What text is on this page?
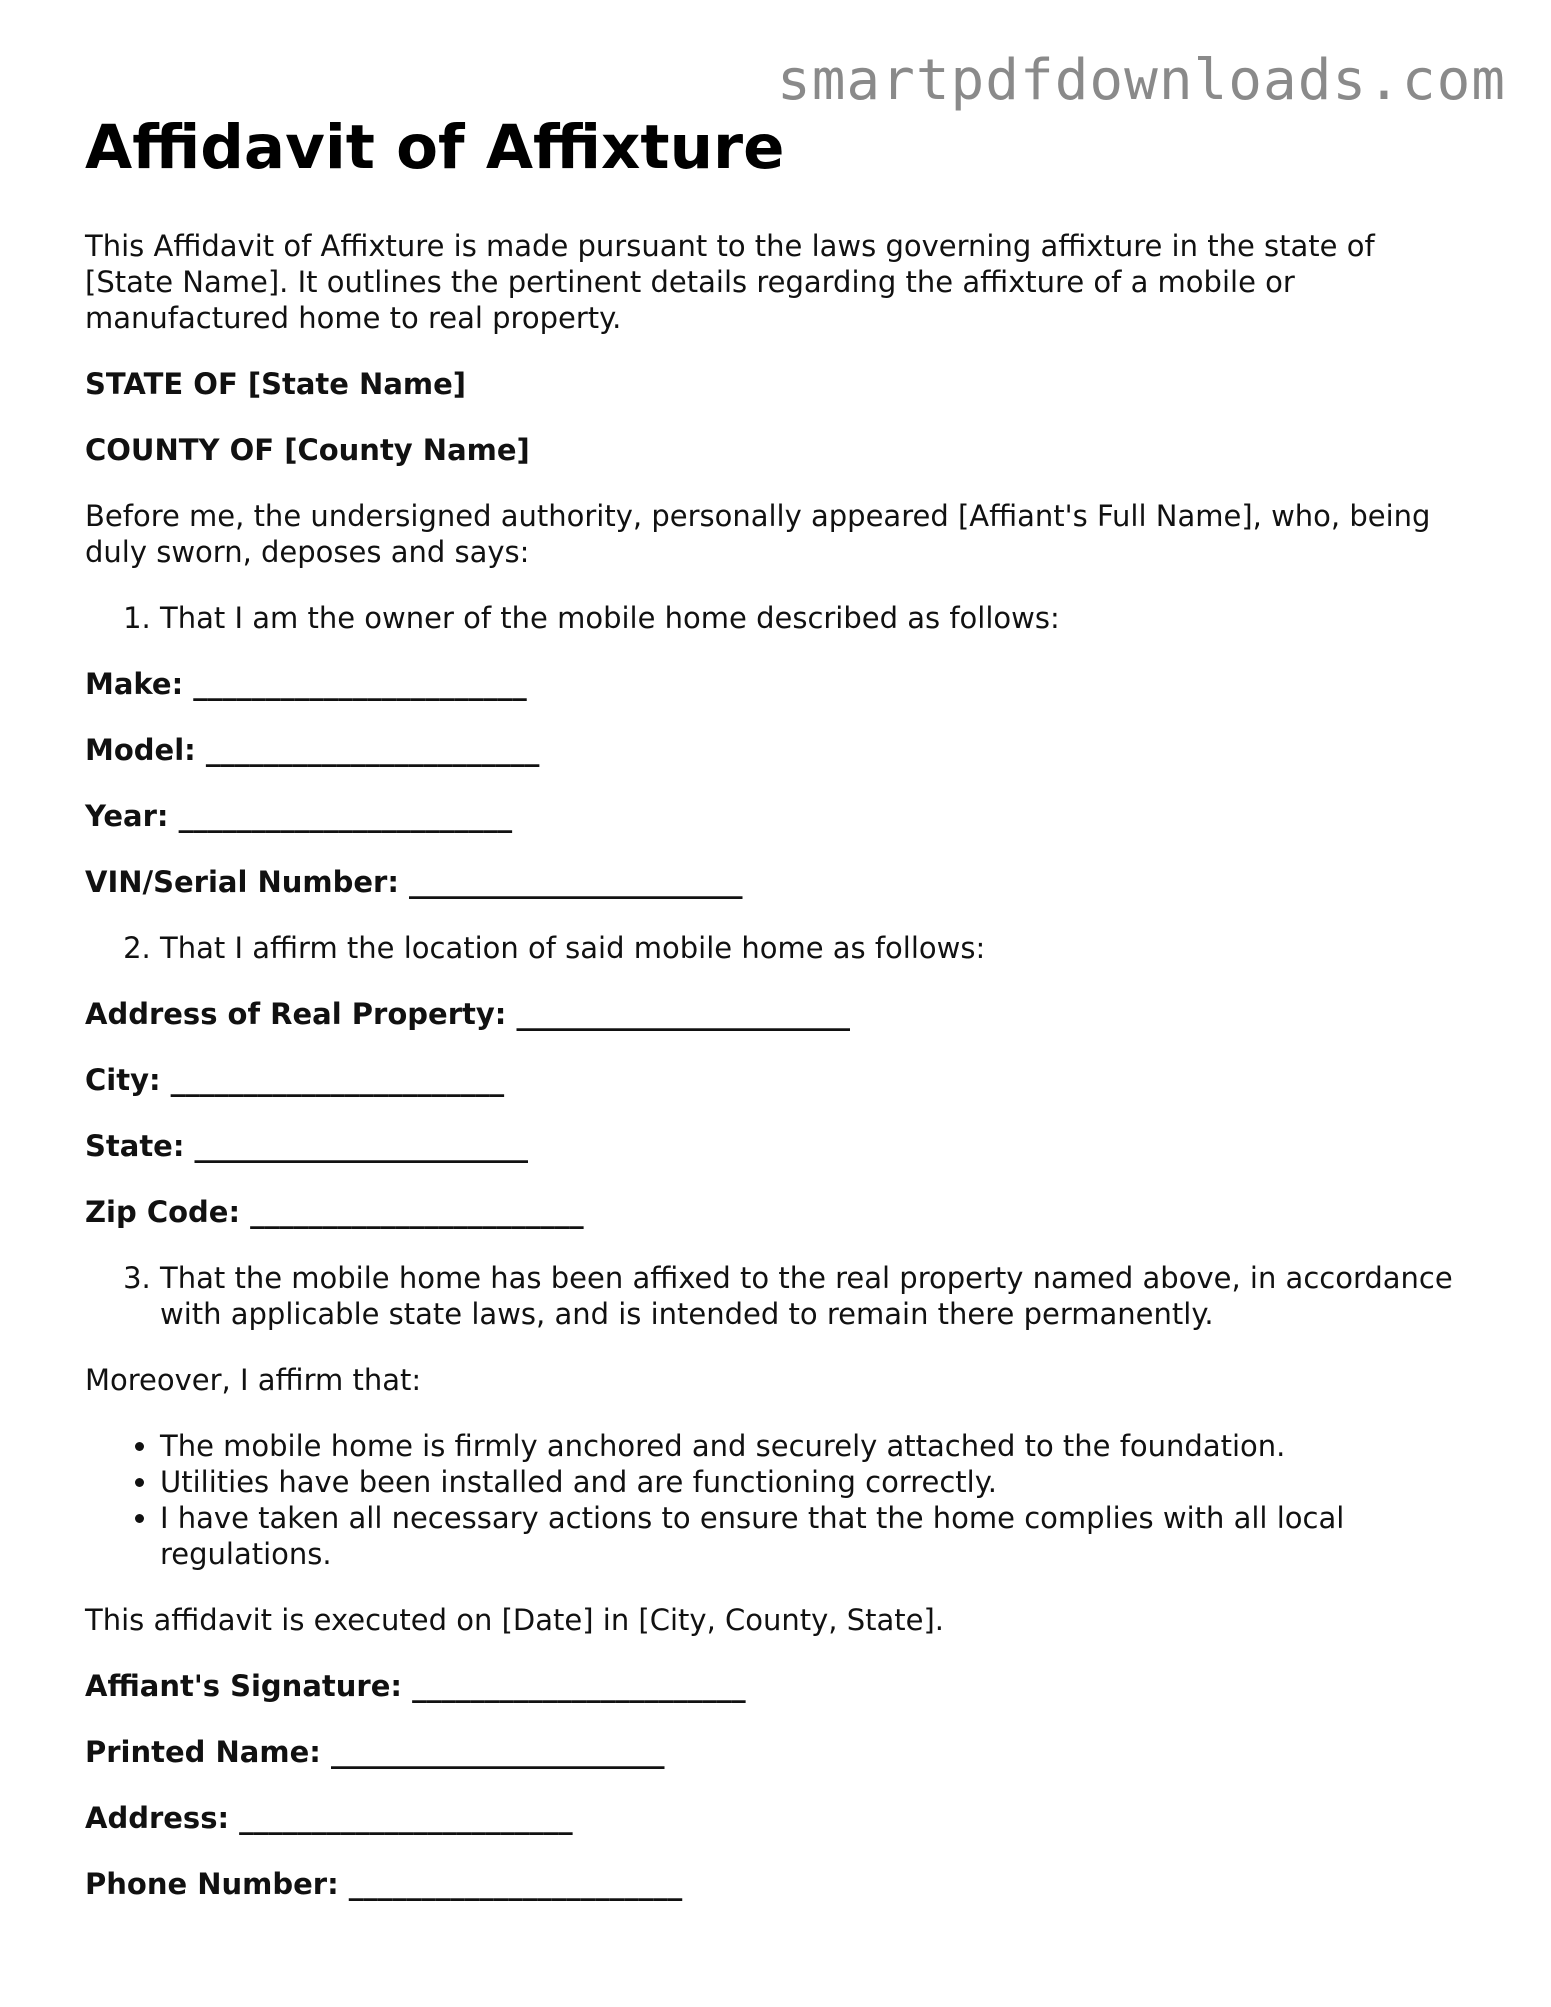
smartpdfdownloads.com
Affidavit of Affixture

This Affidavit of Affixture is made pursuant to the laws governing affixture in the state of [State Name]. It outlines the pertinent details regarding the affixture of a mobile or manufactured home to real property.

STATE OF [State Name]

COUNTY OF [County Name]

Before me, the undersigned authority, personally appeared [Affiant's Full Name], who, being duly sworn, deposes and says:

1. That I am the owner of the mobile home described as follows:
Make: _______________________
Model: _______________________
Year: _______________________
VIN/Serial Number: _______________________
2. That I affirm the location of said mobile home as follows:
Address of Real Property: _______________________
City: _______________________
State: _______________________
Zip Code: _______________________
3. That the mobile home has been affixed to the real property named above, in accordance with applicable state laws, and is intended to remain there permanently.

Moreover, I affirm that:

• The mobile home is firmly anchored and securely attached to the foundation.
• Utilities have been installed and are functioning correctly.
• I have taken all necessary actions to ensure that the home complies with all local regulations.

This affidavit is executed on [Date] in [City, County, State].

Affiant's Signature: _______________________
Printed Name: _______________________
Address: _______________________
Phone Number: _______________________
